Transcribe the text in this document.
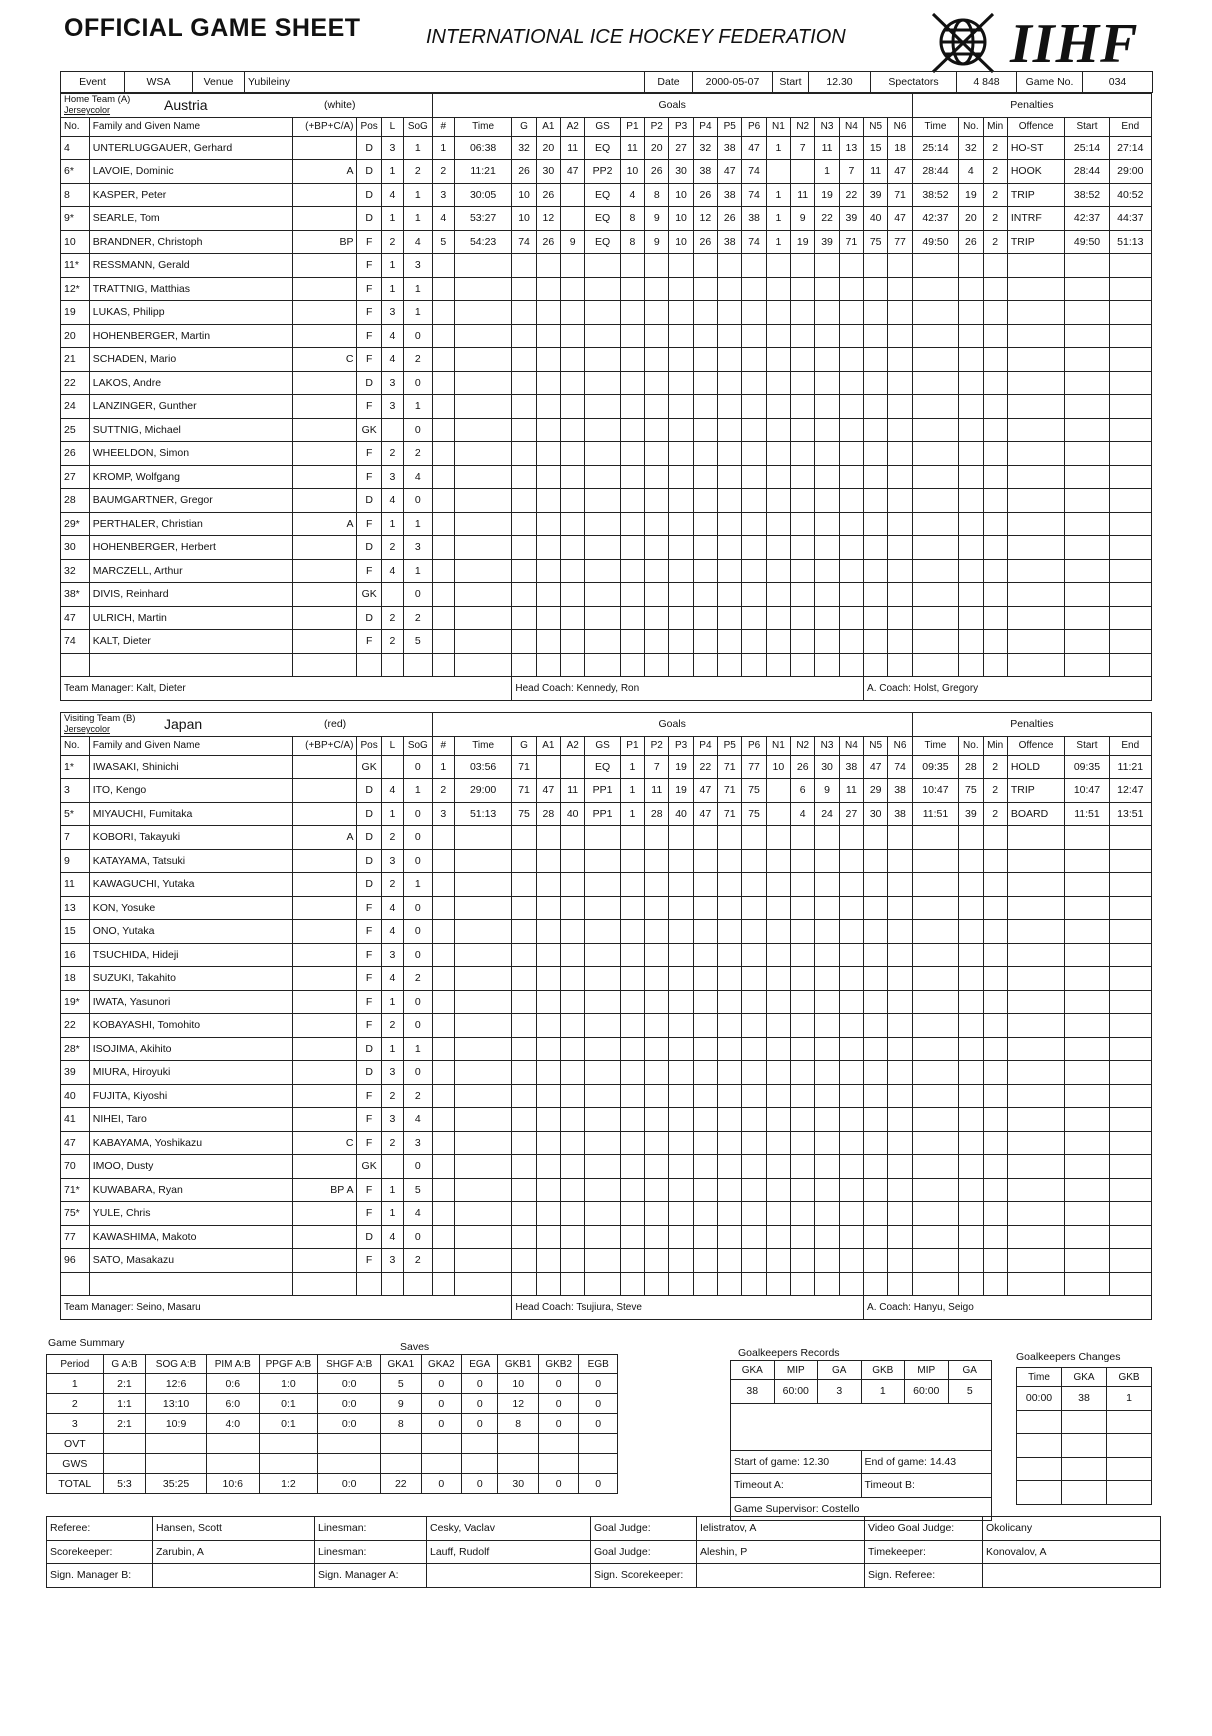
OFFICIAL GAME SHEET	INTERNATIONAL ICE HOCKEY FEDERATION	IIHF
Event	WSA	Venue	Yubileiny	Date	2000-05-07	Start	12.30	Spectators	4 848	Game No.	034
Home Team (A)
Jerseycolor Austria (white)						Goals																		Penalties					
No.	Family and Given Name	(+BP+C/A)	Pos	L	SoG	#	Time	G	A1	A2	GS	P1	P2	P3	P4	P5	P6	N1	N2	N3	N4	N5	N6	Time	No.	Min	Offence	Start	End
4	UNTERLUGGAUER, Gerhard		D	3	1	1	06:38	32	20	11	EQ	11	20	27	32	38	47	1	7	11	13	15	18	25:14	32	2	HO-ST	25:14	27:14
6*	LAVOIE, Dominic	A	D	1	2	2	11:21	26	30	47	PP2	10	26	30	38	47	74			1	7	11	47	28:44	4	2	HOOK	28:44	29:00
8	KASPER, Peter		D	4	1	3	30:05	10	26		EQ	4	8	10	26	38	74	1	11	19	22	39	71	38:52	19	2	TRIP	38:52	40:52
9*	SEARLE, Tom		D	1	1	4	53:27	10	12		EQ	8	9	10	12	26	38	1	9	22	39	40	47	42:37	20	2	INTRF	42:37	44:37
10	BRANDNER, Christoph	BP	F	2	4	5	54:23	74	26	9	EQ	8	9	10	26	38	74	1	19	39	71	75	77	49:50	26	2	TRIP	49:50	51:13
11*	RESSMANN, Gerald		F	1	3																								
12*	TRATTNIG, Matthias		F	1	1																								
19	LUKAS, Philipp		F	3	1																								
20	HOHENBERGER, Martin		F	4	0																								
21	SCHADEN, Mario	C	F	4	2																								
22	LAKOS, Andre		D	3	0																								
24	LANZINGER, Gunther		F	3	1																								
25	SUTTNIG, Michael		GK		0																								
26	WHEELDON, Simon		F	2	2																								
27	KROMP, Wolfgang		F	3	4																								
28	BAUMGARTNER, Gregor		D	4	0																								
29*	PERTHALER, Christian	A	F	1	1																								
30	HOHENBERGER, Herbert		D	2	3																								
32	MARCZELL, Arthur		F	4	1																								
38*	DIVIS, Reinhard		GK		0																								
47	ULRICH, Martin		D	2	2																								
74	KALT, Dieter		F	2	5																								

Team Manager: Kalt, Dieter								Head Coach: Kennedy, Ron														A. Coach: Holst, Gregory							
Visiting Team (B)
Jerseycolor Japan (red)						Goals																		Penalties					
No.	Family and Given Name	(+BP+C/A)	Pos	L	SoG	#	Time	G	A1	A2	GS	P1	P2	P3	P4	P5	P6	N1	N2	N3	N4	N5	N6	Time	No.	Min	Offence	Start	End
1*	IWASAKI, Shinichi		GK		0	1	03:56	71			EQ	1	7	19	22	71	77	10	26	30	38	47	74	09:35	28	2	HOLD	09:35	11:21
3	ITO, Kengo		D	4	1	2	29:00	71	47	11	PP1	1	11	19	47	71	75		6	9	11	29	38	10:47	75	2	TRIP	10:47	12:47
5*	MIYAUCHI, Fumitaka		D	1	0	3	51:13	75	28	40	PP1	1	28	40	47	71	75		4	24	27	30	38	11:51	39	2	BOARD	11:51	13:51
7	KOBORI, Takayuki	A	D	2	0																								
9	KATAYAMA, Tatsuki		D	3	0																								
11	KAWAGUCHI, Yutaka		D	2	1																								
13	KON, Yosuke		F	4	0																								
15	ONO, Yutaka		F	4	0																								
16	TSUCHIDA, Hideji		F	3	0																								
18	SUZUKI, Takahito		F	4	2																								
19*	IWATA, Yasunori		F	1	0																								
22	KOBAYASHI, Tomohito		F	2	0																								
28*	ISOJIMA, Akihito		D	1	1																								
39	MIURA, Hiroyuki		D	3	0																								
40	FUJITA, Kiyoshi		F	2	2																								
41	NIHEI, Taro		F	3	4																								
47	KABAYAMA, Yoshikazu	C	F	2	3																								
70	IMOO, Dusty		GK		0																								
71*	KUWABARA, Ryan	BP A	F	1	5																								
75*	YULE, Chris		F	1	4																								
77	KAWASHIMA, Makoto		D	4	0																								
96	SATO, Masakazu		F	3	2																								

Team Manager: Seino, Masaru								Head Coach: Tsujiura, Steve														A. Coach: Hanyu, Seigo							
Game Summary	Saves
Period	G A:B	SOG A:B	PIM A:B	PPGF A:B	SHGF A:B	GKA1	GKA2	EGA	GKB1	GKB2	EGB
1	2:1	12:6	0:6	1:0	0:0	5	0	0	10	0	0
2	1:1	13:10	6:0	0:1	0:0	9	0	0	12	0	0
3	2:1	10:9	4:0	0:1	0:0	8	0	0	8	0	0
OVT											
GWS											
TOTAL	5:3	35:25	10:6	1:2	0:0	22	0	0	30	0	0
Goalkeepers Records
GKA	MIP	GA	GKB	MIP	GA
38	60:00	3	1	60:00	5

Start of game: 12.30			End of game: 14.43		
Timeout A:			Timeout B:		
Game Supervisor: Costello					
Goalkeepers Changes
Time	GKA	GKB
00:00	38	1

Referee:	Hansen, Scott	Linesman:	Cesky, Vaclav	Goal Judge:	Ielistratov, A	Video Goal Judge:	Okolicany
Scorekeeper:	Zarubin, A	Linesman:	Lauff, Rudolf	Goal Judge:	Aleshin, P	Timekeeper:	Konovalov, A
Sign. Manager B:		Sign. Manager A:		Sign. Scorekeeper:		Sign. Referee:	
